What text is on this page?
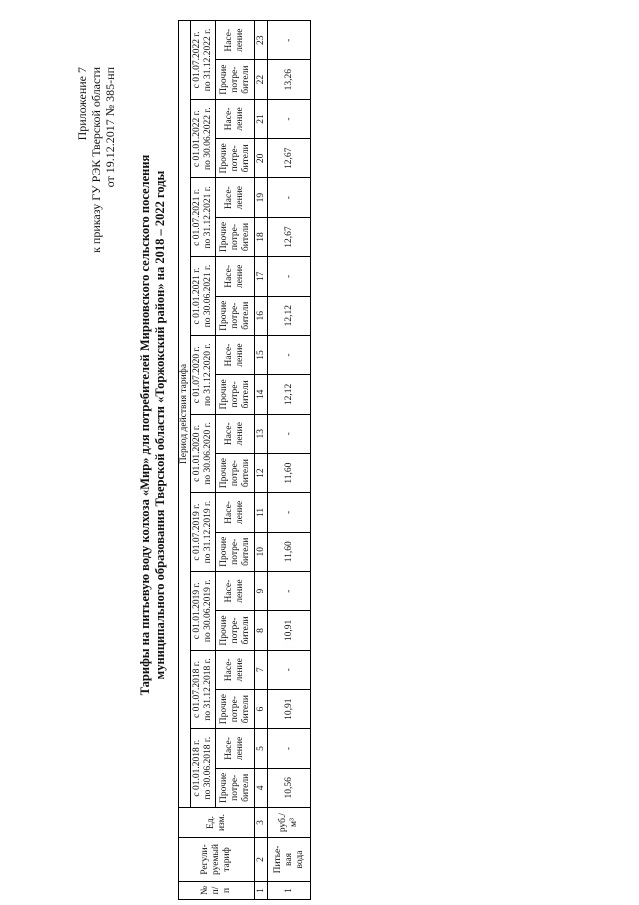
Приложение 7 к приказу ГУ РЭК Тверской области от 19.12.2017 № 385-нп
Тарифы на питьевую воду колхоза «Мир» для потребителей Мирновского сельского поселения муниципального образования Тверской области «Торжокский район» на 2018 – 2022 годы
№ п/ п	Регули- руемый тариф	Ед. изм.	Период действия тарифа																			

			с 01.01.2018 г. по 30.06.2018 г.		с 01.07.2018 г. по 31.12.2018 г.		с 01.01.2019 г. по 30.06.2019 г.		с 01.07.2019 г. по 31.12.2019 г.		с 01.01.2020 г. по 30.06.2020 г.		с 01.07.2020 г. по 31.12.2020 г.		с 01.01.2021 г. по 30.06.2021 г.		с 01.07.2021 г. по 31.12.2021 г.		с 01.01.2022 г. по 30.06.2022 г.		с 01.07.2022 г. по 31.12.2022 г.	

			Прочие потре- бители	Насе- ление	Прочие потре- бители	Насе- ление	Прочие потре- бители	Насе- ление	Прочие потре- бители	Насе- ление	Прочие потре- бители	Насе- ление	Прочие потре- бители	Насе- ление	Прочие потре- бители	Насе- ление	Прочие потре- бители	Насе- ление	Прочие потре- бители	Насе- ление	Прочие потре- бители	Насе- ление

1	2	3	4	5	6	7	8	9	10	11	12	13	14	15	16	17	18	19	20	21	22	23
1	Питье- вая вода	руб./ м³	10,56	-	10,91	-	10,91	-	11,60	-	11,60	-	12,12	-	12,12	-	12,67	-	12,67	-	13,26	-
